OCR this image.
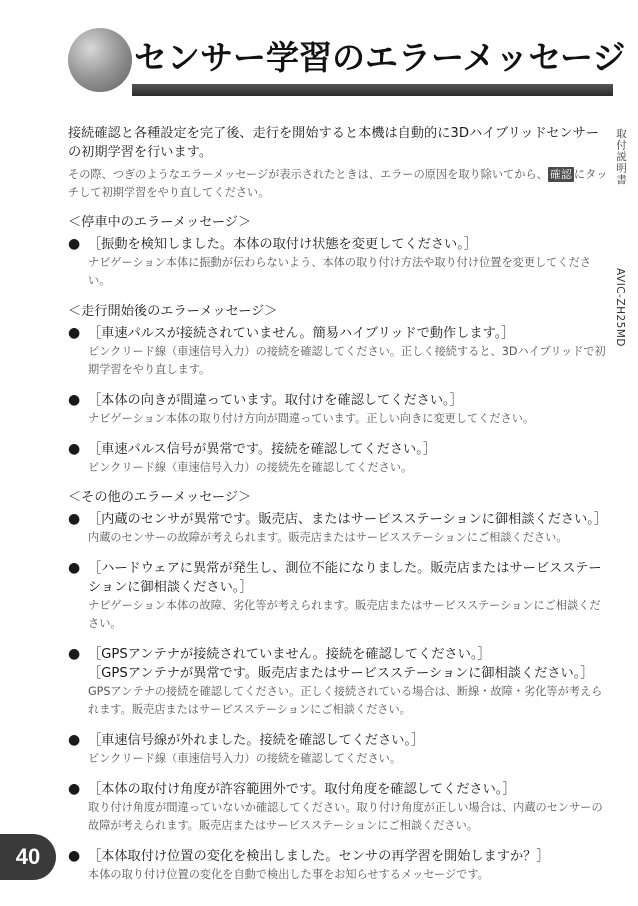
センサー学習のエラーメッセージ
取付説明書
AVIC-ZH25MD

接続確認と各種設定を完了後、走行を開始すると本機は自動的に3Dハイブリッドセンサーの初期学習を行います。

その際、つぎのようなエラーメッセージが表示されたときは、エラーの原因を取り除いてから、 確認 にタッチして初期学習をやり直してください。

＜停車中のエラーメッセージ＞
● ［振動を検知しました。本体の取付け状態を変更してください。］
ナビゲーション本体に振動が伝わらないよう、本体の取り付け方法や取り付け位置を変更してください。
＜走行開始後のエラーメッセージ＞
● ［車速パルスが接続されていません。簡易ハイブリッドで動作します。］
ピンクリード線（車速信号入力）の接続を確認してください。正しく接続すると、3Dハイブリッドで初期学習をやり直します。
● ［本体の向きが間違っています。取付けを確認してください。］
ナビゲーション本体の取り付け方向が間違っています。正しい向きに変更してください。
● ［車速パルス信号が異常です。接続を確認してください。］
ピンクリード線（車速信号入力）の接続先を確認してください。
＜その他のエラーメッセージ＞
● ［内蔵のセンサが異常です。販売店、またはサービスステーションに御相談ください。］
内蔵のセンサーの故障が考えられます。販売店またはサービスステーションにご相談ください。
● ［ハードウェアに異常が発生し、測位不能になりました。販売店またはサービスステーションに御相談ください。］
ナビゲーション本体の故障、劣化等が考えられます。販売店またはサービスステーションにご相談ください。
● ［GPSアンテナが接続されていません。接続を確認してください。］
［GPSアンテナが異常です。販売店またはサービスステーションに御相談ください。］
GPSアンテナの接続を確認してください。正しく接続されている場合は、断線・故障・劣化等が考えられます。販売店またはサービスステーションにご相談ください。
● ［車速信号線が外れました。接続を確認してください。］
ピンクリード線（車速信号入力）の接続を確認してください。
● ［本体の取付け角度が許容範囲外です。取付角度を確認してください。］
取り付け角度が間違っていないか確認してください。取り付け角度が正しい場合は、内蔵のセンサーの故障が考えられます。販売店またはサービスステーションにご相談ください。
● ［本体取付け位置の変化を検出しました。センサの再学習を開始しますか？］
本体の取り付け位置の変化を自動で検出した事をお知らせするメッセージです。
40
